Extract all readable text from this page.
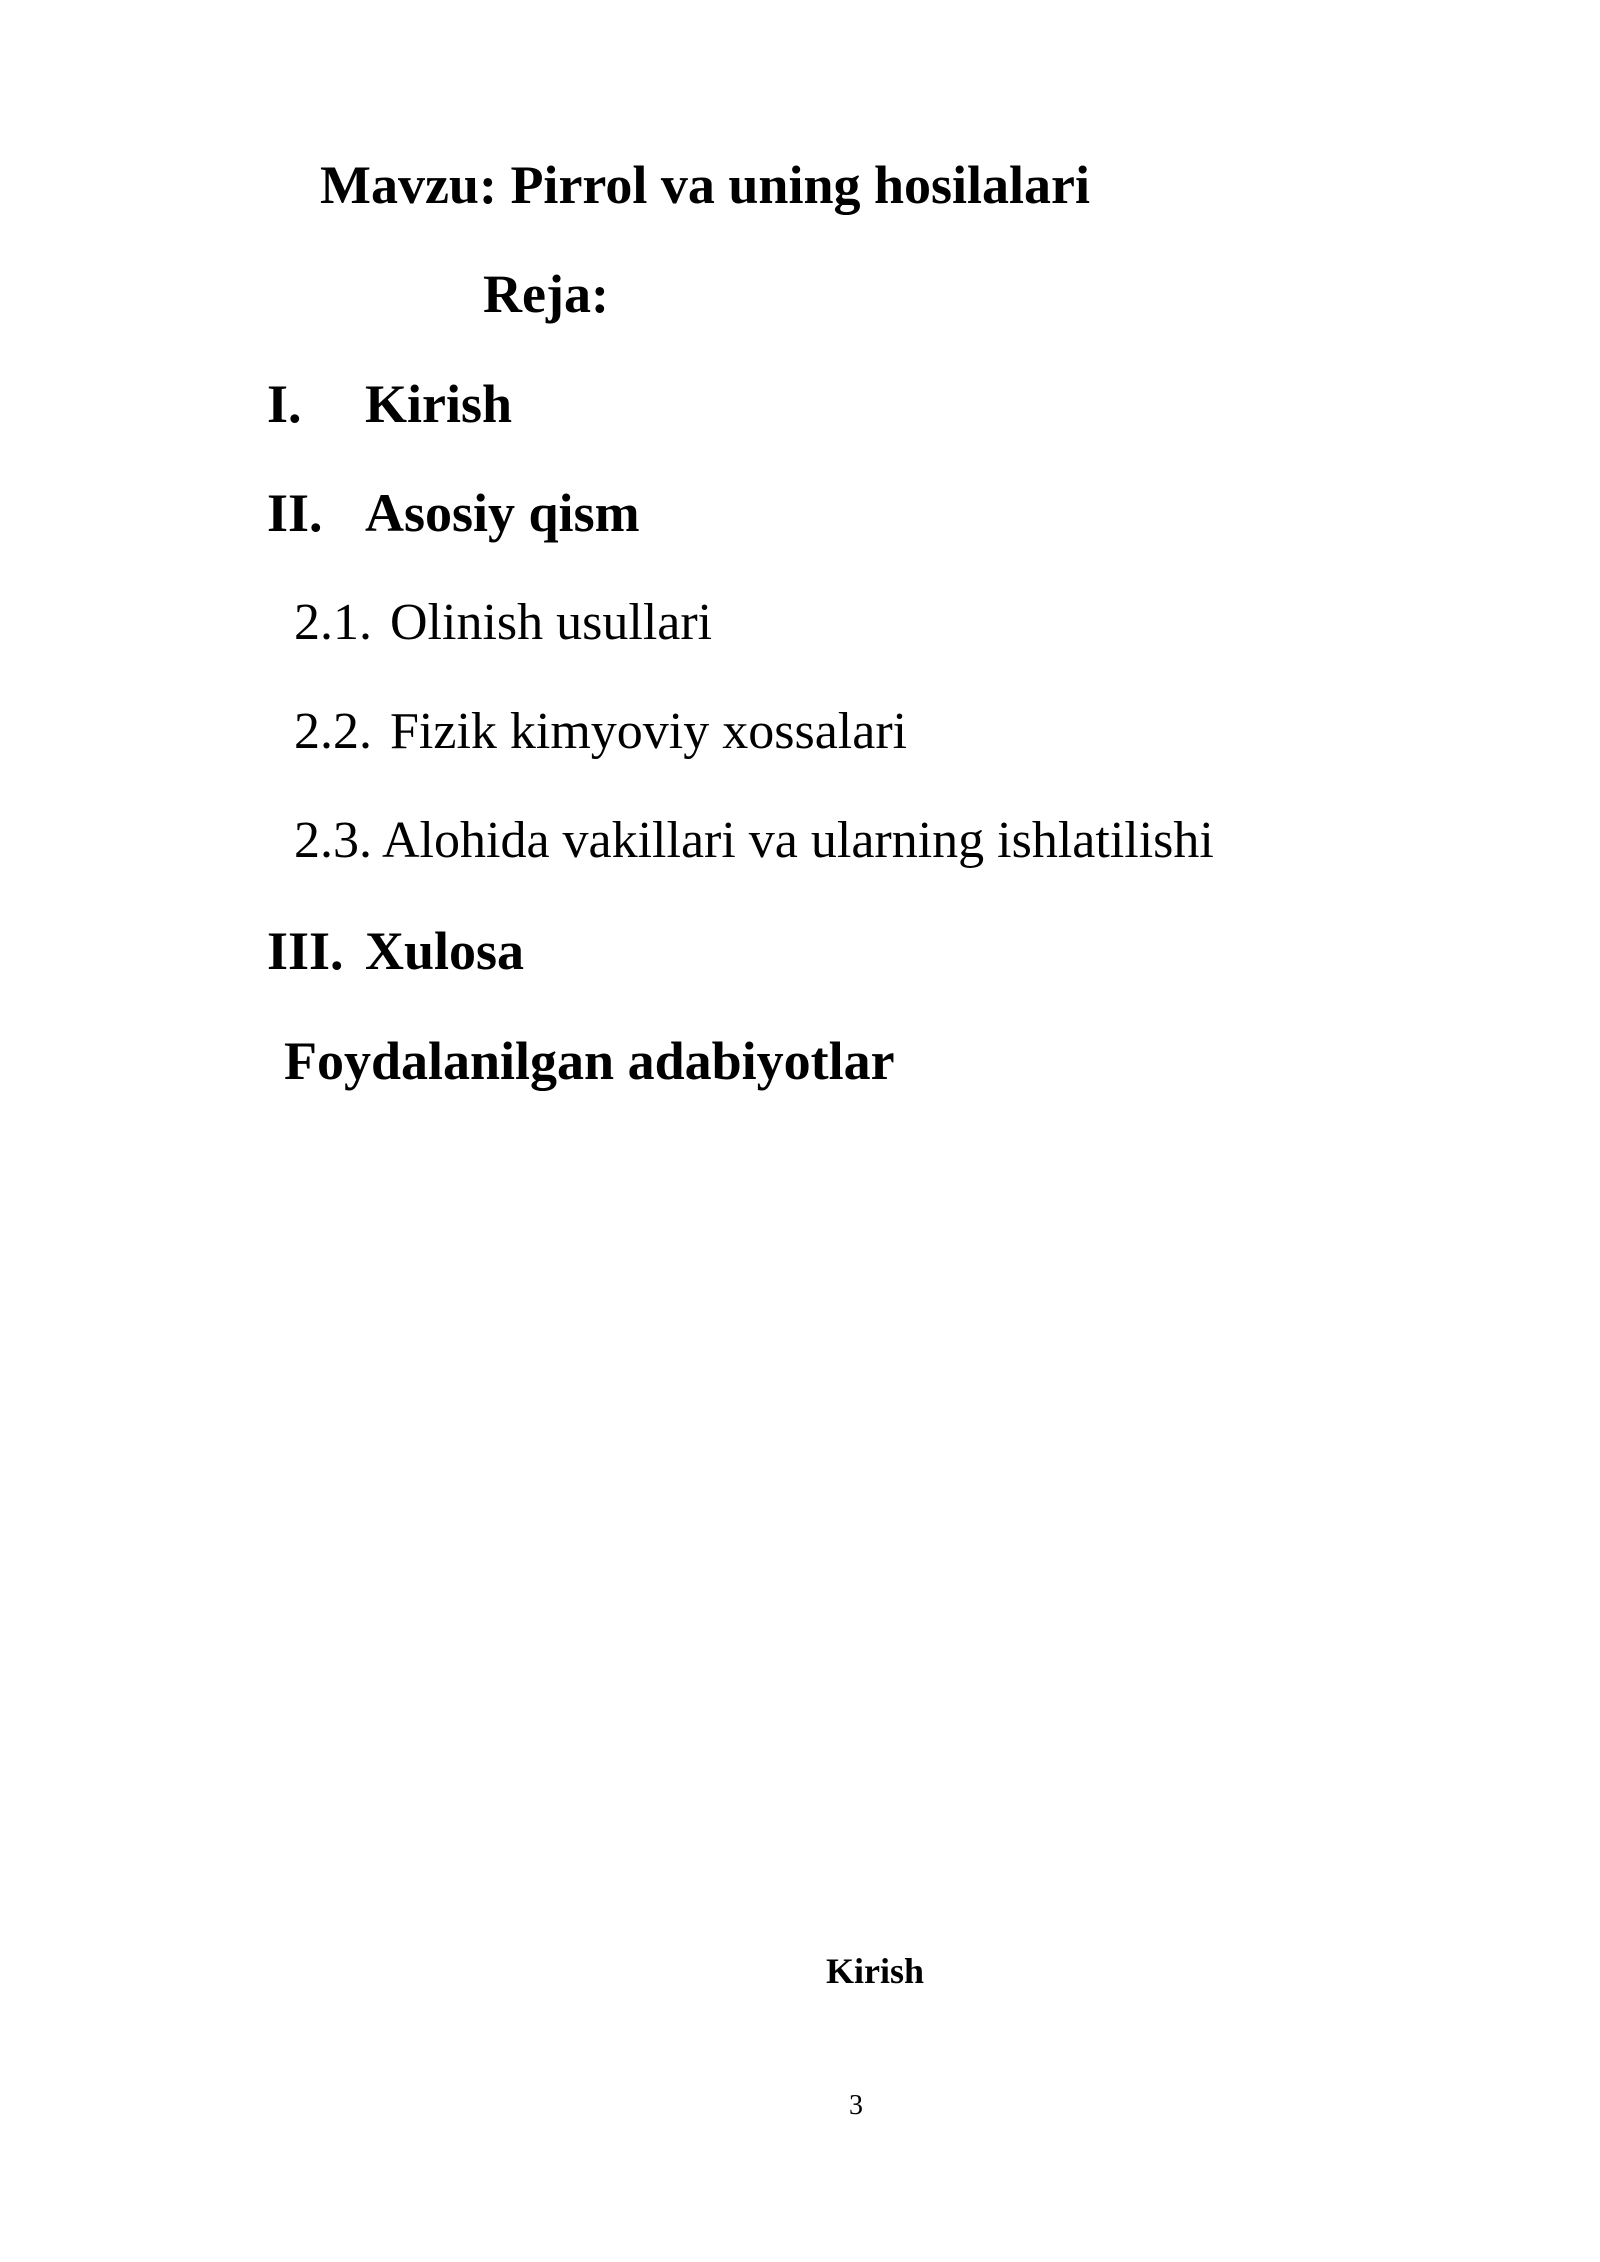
Mavzu: Pirrol va uning hosilalari
Reja:
I. Kirish
II. Asosiy qism
2.1. Olinish usullari
2.2. Fizik kimyoviy xossalari
2.3. Alohida vakillari va ularning ishlatilishi
III. Xulosa
Foydalanilgan adabiyotlar
Kirish
3
